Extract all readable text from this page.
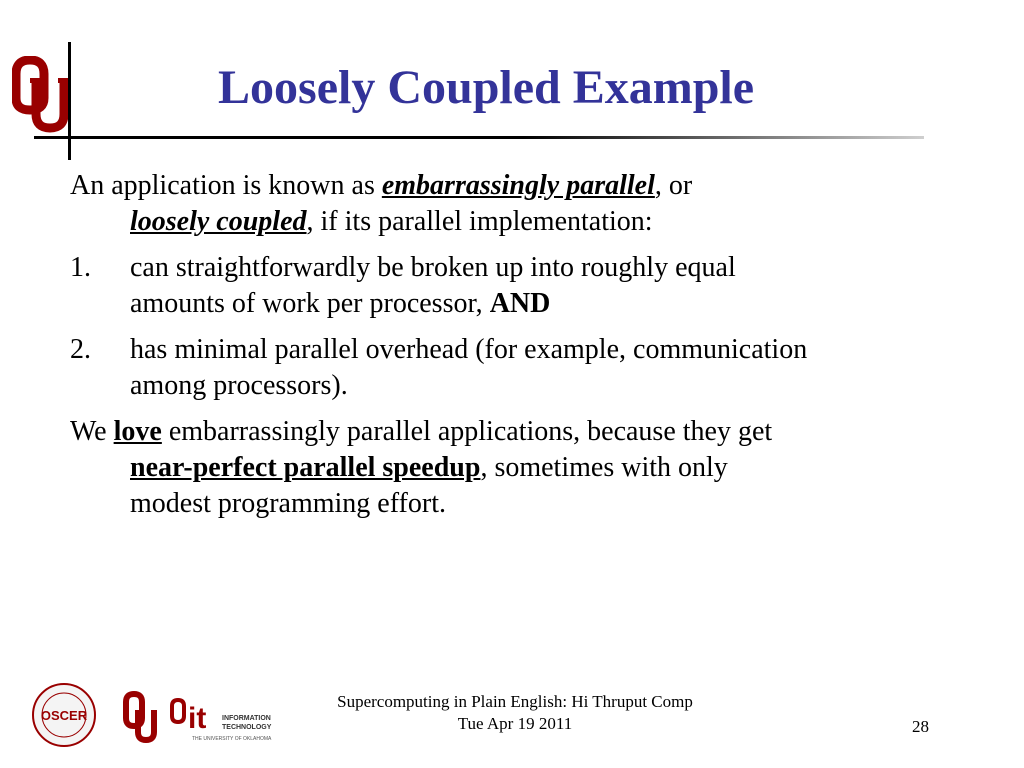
Loosely Coupled Example
An application is known as embarrassingly parallel, or
loosely coupled, if its parallel implementation:
1.	can straightforwardly be broken up into roughly equal
amounts of work per processor, AND
2.	has minimal parallel overhead (for example, communication
among processors).
We love embarrassingly parallel applications, because they get
near-perfect parallel speedup, sometimes with only
modest programming effort.
OSCER	it INFORMATION
TECHNOLOGY
THE UNIVERSITY OF OKLAHOMA
Supercomputing in Plain English: Hi Thruput Comp
Tue Apr 19 2011	28
